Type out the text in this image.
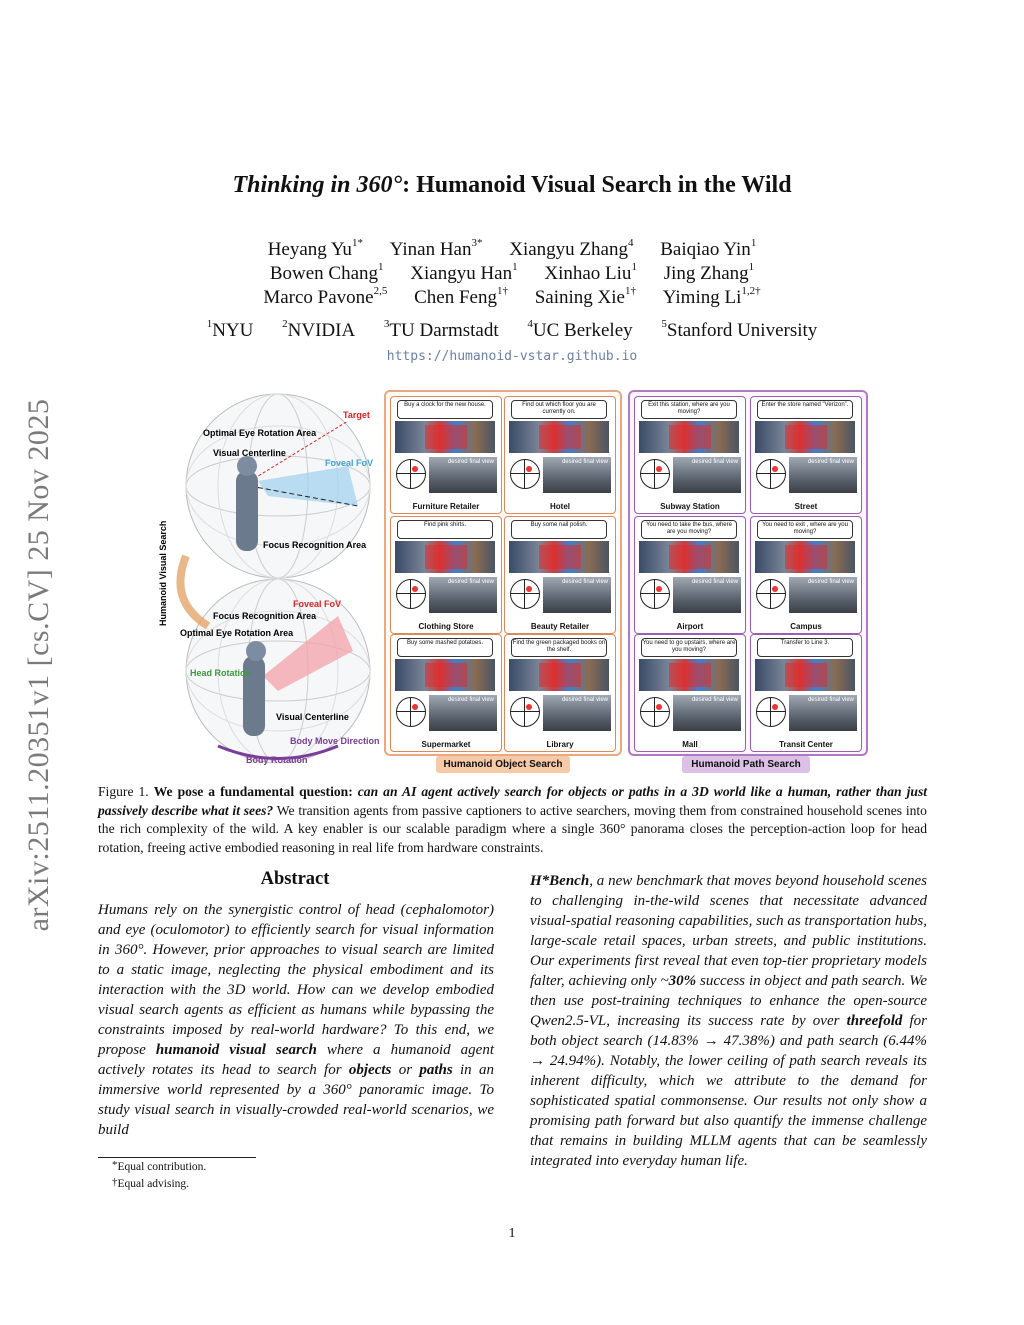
arXiv:2511.20351v1 [cs.CV] 25 Nov 2025
Thinking in 360°: Humanoid Visual Search in the Wild
Heyang $Yu^{1*}$ Yinan Han$^{3*}$ Xiangyu Zhang$^4$ Baiqiao Yin$^1$
Bowen Chang$^1$ Xiangyu Han$^1$ Xinhao Liu$^1$ Jing Zhang$^1$
Marco Pavone$^{2,5}$ Chen Feng$^{1\dagger}$ Saining Xie$^{1\dagger}$ Yiming $Li^{1,2\dagger}$
$^1$NYU	$^2$NVIDIA	$^3$TU Darmstadt	$^4$UC Berkeley	$^5$Stanford University
https://humanoid-vstar.github.io
Humanoid Visual Search
Target
Optimal Eye Rotation Area
Visual Centerline
Foveal FoV
Focus Recognition Area
Foveal FoV
Focus Recognition Area
Optimal Eye Rotation Area
Head Rotation
Visual Centerline
Body Move Direction
Body Rotation
Buy a clock for the new house.
desired final view
Furniture Retailer
Find out which floor you are currently on.
desired final view
Hotel
Find pink shirts.
desired final view
Clothing Store
Buy some nail polish.
desired final view
Beauty Retailer
Buy some mashed potatoes.
desired final view
Supermarket
Find the green packaged books on the shelf.
desired final view
Library
Exit this station, where are you moving?
desired final view
Subway Station
Enter the store named "Verizon".
desired final view
Street
You need to take the bus, where are you moving?
desired final view
Airport
You need to exit , where are you moving?
desired final view
Campus
You need to go upstairs, where are you moving?
desired final view
Mall
Transfer to Line 3.
desired final view
Transit Center
Humanoid Object Search	Humanoid Path Search
Figure 1. We pose a fundamental question: can an AI agent actively search for objects or paths in a 3D world like a human, rather than just passively describe what it sees? We transition agents from passive captioners to active searchers, moving them from constrained household scenes into the rich complexity of the wild. A key enabler is our scalable paradigm where a single 360° panorama closes the perception-action loop for head rotation, freeing active embodied reasoning in real life from hardware constraints.
Abstract
Humans rely on the synergistic control of head (cephalomotor) and eye (oculomotor) to efficiently search for visual information in 360°. However, prior approaches to visual search are limited to a static image, neglecting the physical embodiment and its interaction with the 3D world. How can we develop embodied visual search agents as efficient as humans while bypassing the constraints imposed by real-world hardware? To this end, we propose humanoid visual search where a humanoid agent actively rotates its head to search for objects or paths in an immersive world represented by a 360° panoramic image. To study visual search in visually-crowded real-world scenarios, we build
H*Bench, a new benchmark that moves beyond household scenes to challenging in-the-wild scenes that necessitate advanced visual-spatial reasoning capabilities, such as transportation hubs, large-scale retail spaces, urban streets, and public institutions. Our experiments first reveal that even top-tier proprietary models falter, achieving only ~30% success in object and path search. We then use post-training techniques to enhance the open-source Qwen2.5-VL, increasing its success rate by over threefold for both object search (14.83% → 47.38%) and path search (6.44% → 24.94%). Notably, the lower ceiling of path search reveals its inherent difficulty, which we attribute to the demand for sophisticated spatial commonsense. Our results not only show a promising path forward but also quantify the immense challenge that remains in building MLLM agents that can be seamlessly integrated into everyday human life.
*Equal contribution.
†Equal advising.
1
